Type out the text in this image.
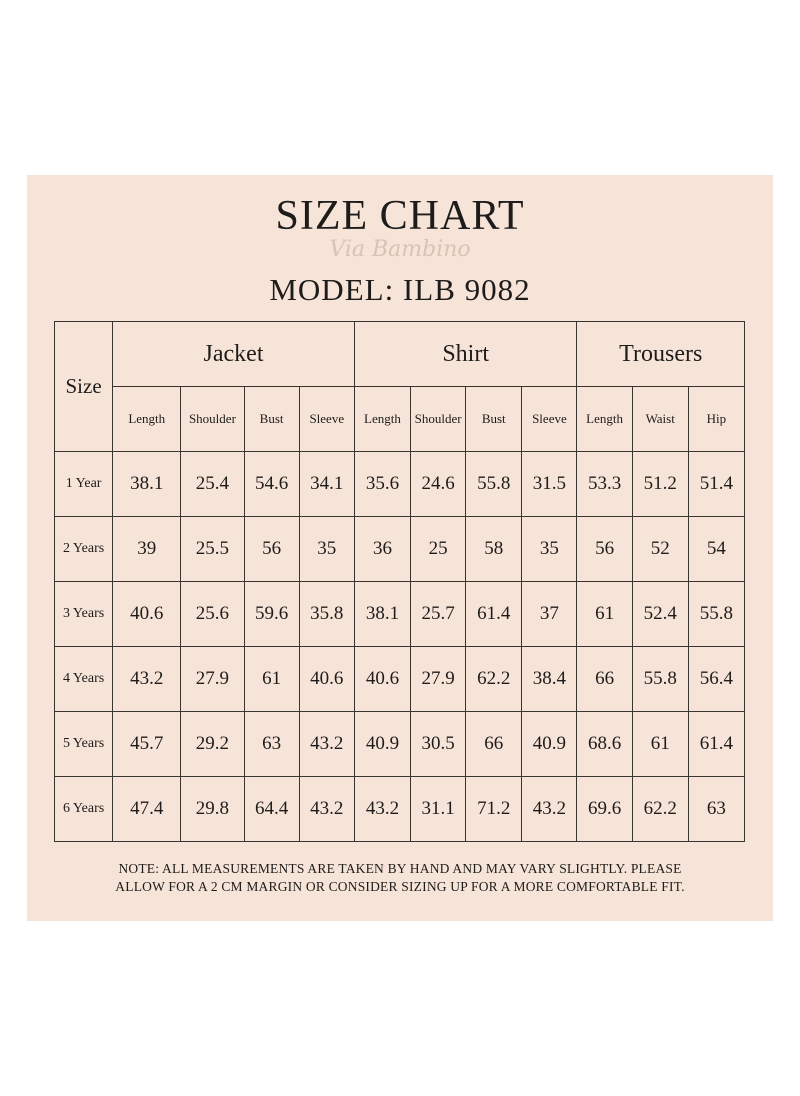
SIZE CHART
Via Bambino
MODEL: ILB 9082
Size	Jacket				Shirt				Trousers		
	Length	Shoulder	Bust	Sleeve	Length	Shoulder	Bust	Sleeve	Length	Waist	Hip
1 Year	38.1	25.4	54.6	34.1	35.6	24.6	55.8	31.5	53.3	51.2	51.4
2 Years	39	25.5	56	35	36	25	58	35	56	52	54
3 Years	40.6	25.6	59.6	35.8	38.1	25.7	61.4	37	61	52.4	55.8
4 Years	43.2	27.9	61	40.6	40.6	27.9	62.2	38.4	66	55.8	56.4
5 Years	45.7	29.2	63	43.2	40.9	30.5	66	40.9	68.6	61	61.4
6 Years	47.4	29.8	64.4	43.2	43.2	31.1	71.2	43.2	69.6	62.2	63
NOTE: ALL MEASUREMENTS ARE TAKEN BY HAND AND MAY VARY SLIGHTLY. PLEASE
ALLOW FOR A 2 CM MARGIN OR CONSIDER SIZING UP FOR A MORE COMFORTABLE FIT.
